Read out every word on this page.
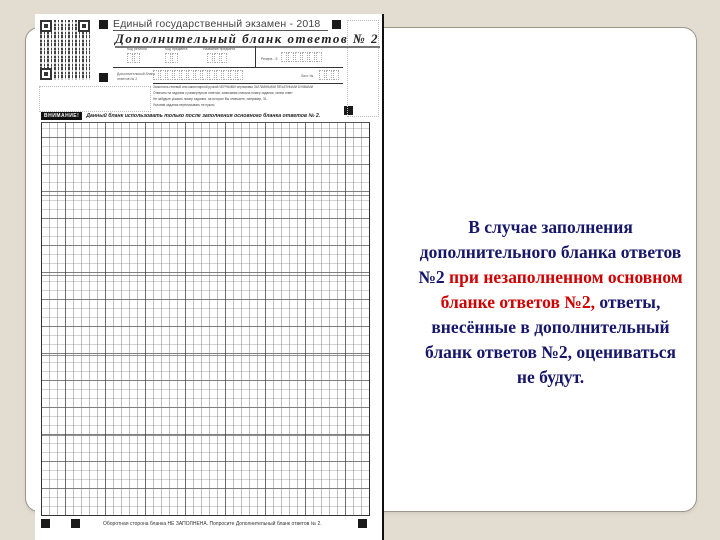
Единый государственный экзамен - 2018
Дополнительный бланк ответов № 2
Код региона	Код предмета	Название предмета
Резерв - 5
Дополнительный бланк ответов № 2
Лист №
Заполнять гелевой или капиллярной ручкой ЧЕРНЫМИ чернилами ЗАГЛАВНЫМИ ПЕЧАТНЫМИ БУКВАМИ
Отвечать на задания с развернутым ответом, записывая сначала номер задания, затем ответ
Не забудьте указать номер задания, на которое Вы отвечаете, например, 31.
Условия задания переписывать не нужно.
ВНИМАНИЕ!	Данный бланк использовать только после заполнения основного бланка ответов № 2.
Оборотная сторона бланка НЕ ЗАПОЛНЕНА. Попросите Дополнительный бланк ответов № 2.
В случае заполнения дополнительного бланка ответов №2 при незаполненном основном бланке ответов №2, ответы, внесённые в дополнительный бланк ответов №2, оцениваться не будут.
